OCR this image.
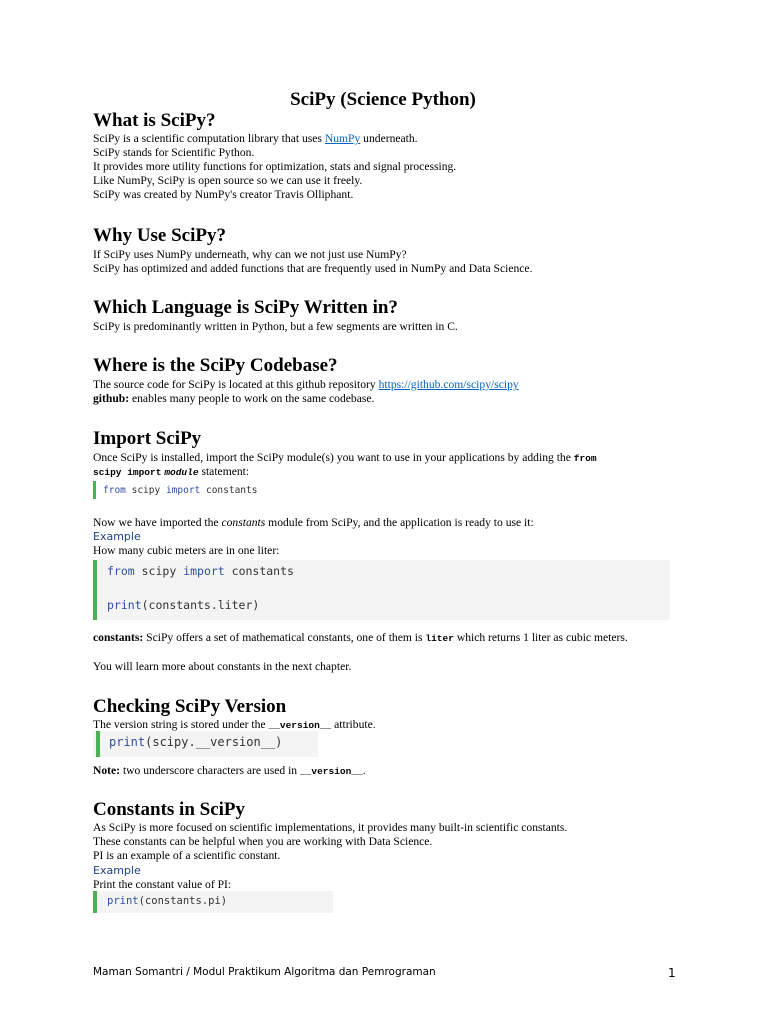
SciPy (Science Python)
What is SciPy?

SciPy is a scientific computation library that uses NumPy underneath.

SciPy stands for Scientific Python.

It provides more utility functions for optimization, stats and signal processing.

Like NumPy, SciPy is open source so we can use it freely.

SciPy was created by NumPy's creator Travis Olliphant.

Why Use SciPy?

If SciPy uses NumPy underneath, why can we not just use NumPy?

SciPy has optimized and added functions that are frequently used in NumPy and Data Science.

Which Language is SciPy Written in?

SciPy is predominantly written in Python, but a few segments are written in C.

Where is the SciPy Codebase?

The source code for SciPy is located at this github repository https://github.com/scipy/scipy

github: enables many people to work on the same codebase.

Import SciPy

Once SciPy is installed, import the SciPy module(s) you want to use in your applications by adding the from

scipy import module statement:

from scipy import constants

Now we have imported the constants module from SciPy, and the application is ready to use it:

Example

How many cubic meters are in one liter:

from scipy import constants
print(constants.liter)

constants: SciPy offers a set of mathematical constants, one of them is liter which returns 1 liter as cubic meters.

You will learn more about constants in the next chapter.

Checking SciPy Version

The version string is stored under the __version__ attribute.

print(scipy.__version__)

Note: two underscore characters are used in __version__.

Constants in SciPy

As SciPy is more focused on scientific implementations, it provides many built-in scientific constants.

These constants can be helpful when you are working with Data Science.

PI is an example of a scientific constant.

Example

Print the constant value of PI:

print(constants.pi)
Maman Somantri / Modul Praktikum Algoritma dan Pemrograman	1
